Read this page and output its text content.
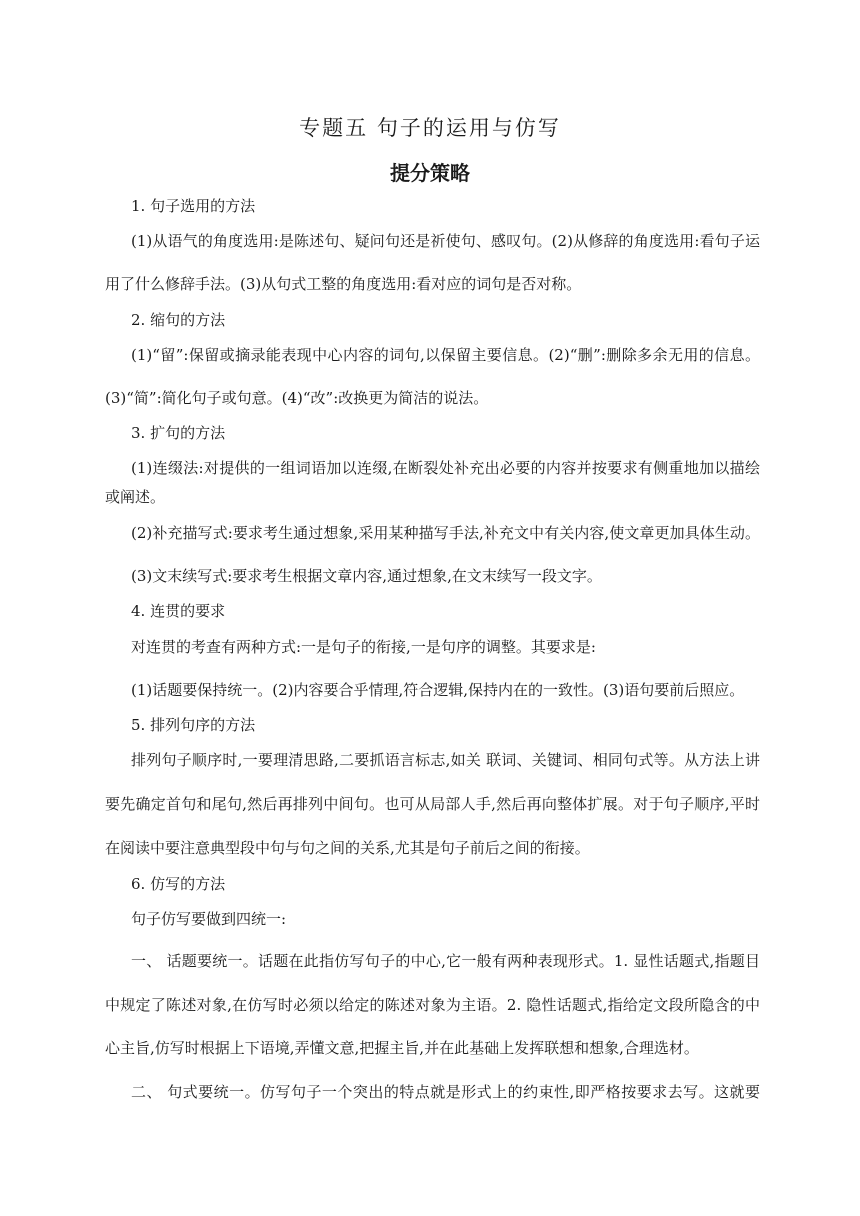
专题五 句子的运用与仿写
提分策略
1. 句子选用的方法
(1)从语气的角度选用:是陈述句、疑问句还是祈使句、感叹句。(2)从修辞的角度选用:看句子运
用了什么修辞手法。(3)从句式工整的角度选用:看对应的词句是否对称。
2. 缩句的方法
(1)“留”:保留或摘录能表现中心内容的词句,以保留主要信息。(2)“删”:删除多余无用的信息。
(3)“简”:简化句子或句意。(4)“改”:改换更为简洁的说法。
3. 扩句的方法
(1)连缀法:对提供的一组词语加以连缀,在断裂处补充出必要的内容并按要求有侧重地加以描绘
或阐述。
(2)补充描写式:要求考生通过想象,采用某种描写手法,补充文中有关内容,使文章更加具体生动。
(3)文末续写式:要求考生根据文章内容,通过想象,在文末续写一段文字。
4. 连贯的要求
对连贯的考查有两种方式:一是句子的衔接,一是句序的调整。其要求是:
(1)话题要保持统一。(2)内容要合乎情理,符合逻辑,保持内在的一致性。(3)语句要前后照应。
5. 排列句序的方法
排列句子顺序时,一要理清思路,二要抓语言标志,如关 联词、关键词、相同句式等。从方法上讲
要先确定首句和尾句,然后再排列中间句。也可从局部人手,然后再向整体扩展。对于句子顺序,平时
在阅读中要注意典型段中句与句之间的关系,尤其是句子前后之间的衔接。
6. 仿写的方法
句子仿写要做到四统一:
一、 话题要统一。话题在此指仿写句子的中心,它一般有两种表现形式。1. 显性话题式,指题目
中规定了陈述对象,在仿写时必须以给定的陈述对象为主语。2. 隐性话题式,指给定文段所隐含的中
心主旨,仿写时根据上下语境,弄懂文意,把握主旨,并在此基础上发挥联想和想象,合理选材。
二、 句式要统一。仿写句子一个突出的特点就是形式上的约束性,即严格按要求去写。这就要
